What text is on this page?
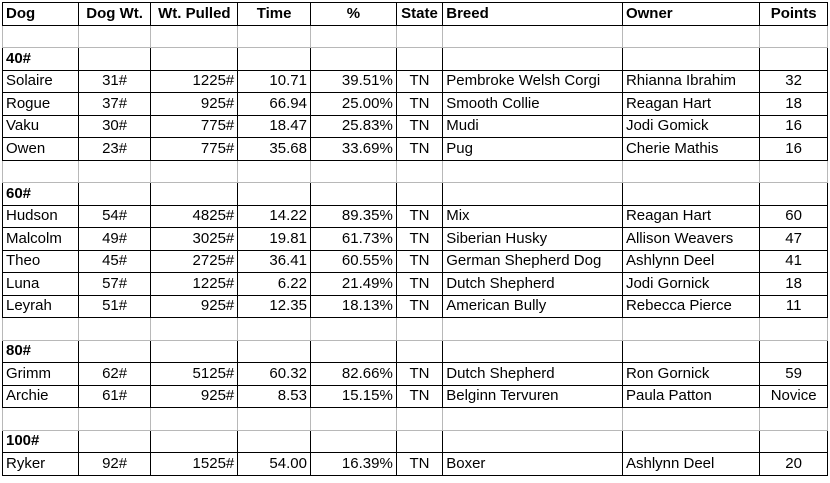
Dog	Dog Wt.	Wt. Pulled	Time	%	State	Breed	Owner	Points

40#								
Solaire	31#	1225#	10.71	39.51%	TN	Pembroke Welsh Corgi	Rhianna Ibrahim	32
Rogue	37#	925#	66.94	25.00%	TN	Smooth Collie	Reagan Hart	18
Vaku	30#	775#	18.47	25.83%	TN	Mudi	Jodi Gomick	16
Owen	23#	775#	35.68	33.69%	TN	Pug	Cherie Mathis	16

60#								
Hudson	54#	4825#	14.22	89.35%	TN	Mix	Reagan Hart	60
Malcolm	49#	3025#	19.81	61.73%	TN	Siberian Husky	Allison Weavers	47
Theo	45#	2725#	36.41	60.55%	TN	German Shepherd Dog	Ashlynn Deel	41
Luna	57#	1225#	6.22	21.49%	TN	Dutch Shepherd	Jodi Gornick	18
Leyrah	51#	925#	12.35	18.13%	TN	American Bully	Rebecca Pierce	11

80#								
Grimm	62#	5125#	60.32	82.66%	TN	Dutch Shepherd	Ron Gornick	59
Archie	61#	925#	8.53	15.15%	TN	Belginn Tervuren	Paula Patton	Novice

100#								
Ryker	92#	1525#	54.00	16.39%	TN	Boxer	Ashlynn Deel	20
